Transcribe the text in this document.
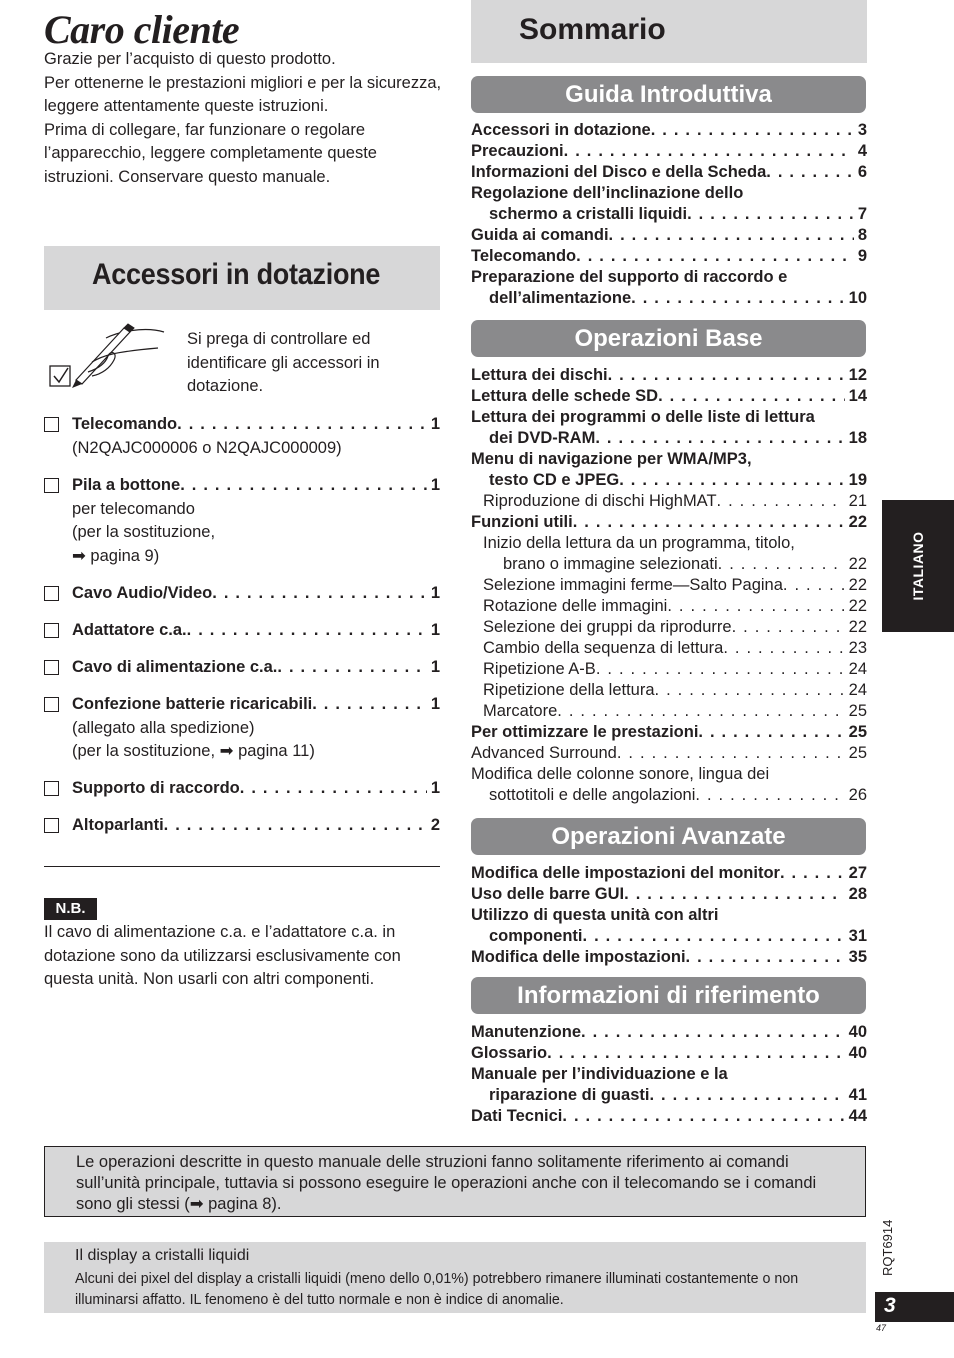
Caro cliente

Grazie per l’acquisto di questo prodotto.

Per ottenerne le prestazioni migliori e per la sicurezza, leggere attentamente queste istruzioni.

Prima di collegare, far funzionare o regolare l’apparecchio, leggere completamente queste istruzioni. Conservare questo manuale.

Accessori in dotazione
Si prega di controllare ed identificare gli accessori in dotazione.
Telecomando . . .	1
(N2QAJC000006 o N2QAJC000009)
Pila a bottone . . .	1
per telecomando
(per la sostituzione,
➡ pagina 9)
Cavo Audio/Video . . .	1
Adattatore c.a. . . .	1
Cavo di alimentazione c.a. . . .	1
Confezione batterie ricaricabili . . .	1
(allegato alla spedizione)
(per la sostituzione, ➡ pagina 11)
Supporto di raccordo . . .	1
Altoparlanti . . .	2
N.B.
Il cavo di alimentazione c.a. e l’adattatore c.a. in dotazione sono da utilizzarsi esclusivamente con questa unità. Non usarli con altri componenti.
Sommario
Guida Introduttiva
Accessori in dotazione . . .	3
Precauzioni . . .	4
Informazioni del Disco e della Scheda . . .	6
Regolazione dell’inclinazione dello
schermo a cristalli liquidi . . .	7
Guida ai comandi . . .	8
Telecomando . . .	9
Preparazione del supporto di raccordo e
dell’alimentazione . . .	10
Operazioni Base
Lettura dei dischi . . .	12
Lettura delle schede SD . . .	14
Lettura dei programmi o delle liste di lettura
dei DVD-RAM . . .	18
Menu di navigazione per WMA/MP3,
testo CD e JPEG . . .	19
Riproduzione di dischi HighMAT . . .	21
Funzioni utili . . .	22
Inizio della lettura da un programma, titolo,
brano o immagine selezionati . . .	22
Selezione immagini ferme—Salto Pagina . . .	22
Rotazione delle immagini . . .	22
Selezione dei gruppi da riprodurre . . .	22
Cambio della sequenza di lettura . . .	23
Ripetizione A-B . . .	24
Ripetizione della lettura . . .	24
Marcatore . . .	25
Per ottimizzare le prestazioni . . .	25
Advanced Surround . . .	25
Modifica delle colonne sonore, lingua dei
sottotitoli e delle angolazioni . . .	26
Operazioni Avanzate
Modifica delle impostazioni del monitor . . .	27
Uso delle barre GUI . . .	28
Utilizzo di questa unità con altri
componenti . . .	31
Modifica delle impostazioni . . .	35
Informazioni di riferimento
Manutenzione . . .	40
Glossario . . .	40
Manuale per l’individuazione e la
riparazione di guasti . . .	41
Dati Tecnici . . .	44
ITALIANO
RQT6914
3
47
Le operazioni descritte in questo manuale delle struzioni fanno solitamente riferimento ai comandi sull’unità principale, tuttavia si possono eseguire le operazioni anche con il telecomando se i comandi sono gli stessi (➡ pagina 8).
Il display a cristalli liquidi
Alcuni dei pixel del display a cristalli liquidi (meno dello 0,01%) potrebbero rimanere illuminati costantemente o non illuminarsi affatto. IL fenomeno è del tutto normale e non è indice di anomalie.
